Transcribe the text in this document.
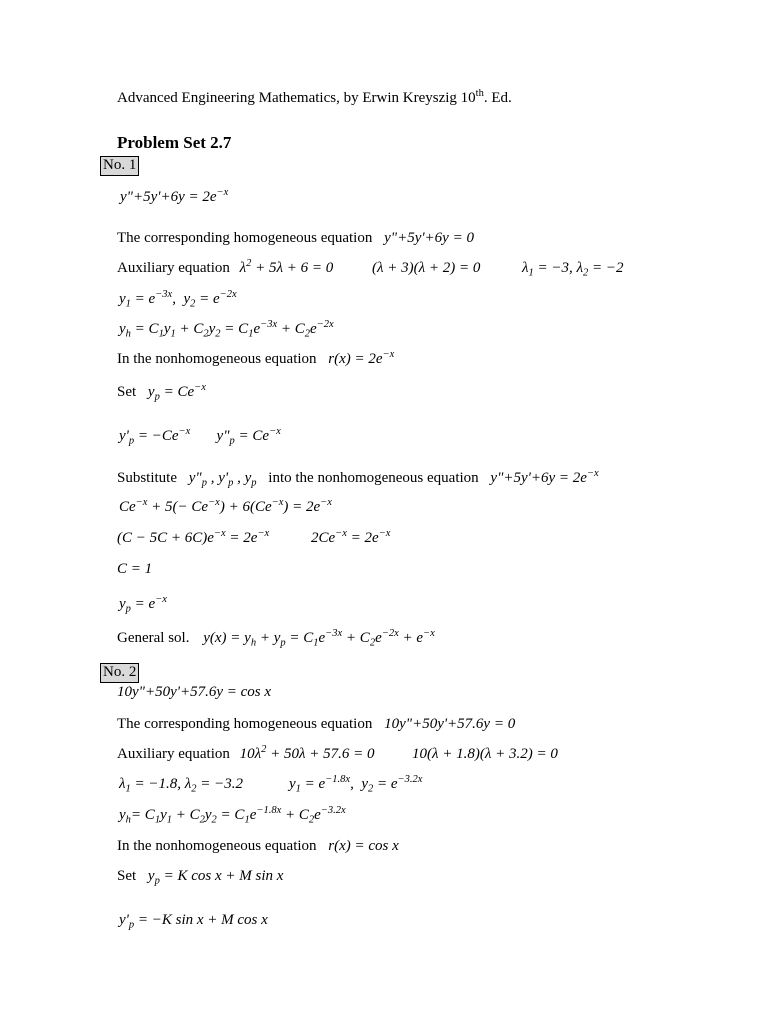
Advanced Engineering Mathematics, by Erwin Kreyszig 10th. Ed.
Problem Set 2.7
No. 1
y"+5y'+6y = $2e^{-x}$
The corresponding homogeneous equation y"+5y'+6y = 0
Auxiliary equation $\lambda^2 + 5\lambda + 6 = 0$	(λ + 3)(λ + 2) = 0	$\lambda_1 = -3$, $\lambda_2 = -2$
$y_1 = e^{-3x}$,  $y_2 = e^{-2x}$
$y_h = C_1y_1 + C_2y_2 = C_1e^{-3x} + C_2e^{-2x}$
In the nonhomogeneous equation $r(x) = 2e^{-x}$
Set $y_p = Ce^{-x}$
$y'_p = -Ce^{-x}$       $y"_p = Ce^{-x}$
Substitute $y"_p$ , $y'_p$ , $y_p$ into the nonhomogeneous equation y"+5y'+6y = $2e^{-x}$
$Ce^{-x} + 5(- Ce^{-x}) + 6(Ce^{-x}) = 2e^{-x}$
$(C - 5C + 6C)e^{-x} = 2e^{-x}$	$2Ce^{-x} = 2e^{-x}$
C = 1
$y_p = e^{-x}$
General sol. $y(x) = y_h + y_p = C_1e^{-3x} + C_2e^{-2x} + e^{-x}$
No. 2
10y"+50y'+57.6y = cos x
The corresponding homogeneous equation 10y"+50y'+57.6y = 0
Auxiliary equation $10\lambda^2 + 50\lambda + 57.6 = 0$ 10(λ + 1.8)(λ + 3.2) = 0
$\lambda_1 = -1.8$, $\lambda_2 = -3.2$	$y_1 = e^{-1.8x}$,  $y_2 = e^{-3.2x}$
$y_h= C_1y_1 + C_2y_2 = C_1e^{-1.8x} + C_2e^{-3.2x}$
In the nonhomogeneous equation r(x) = cos x
Set $y_p = K$ cos x + M sin x
$y'_p = -K$ sin x + M cos x
